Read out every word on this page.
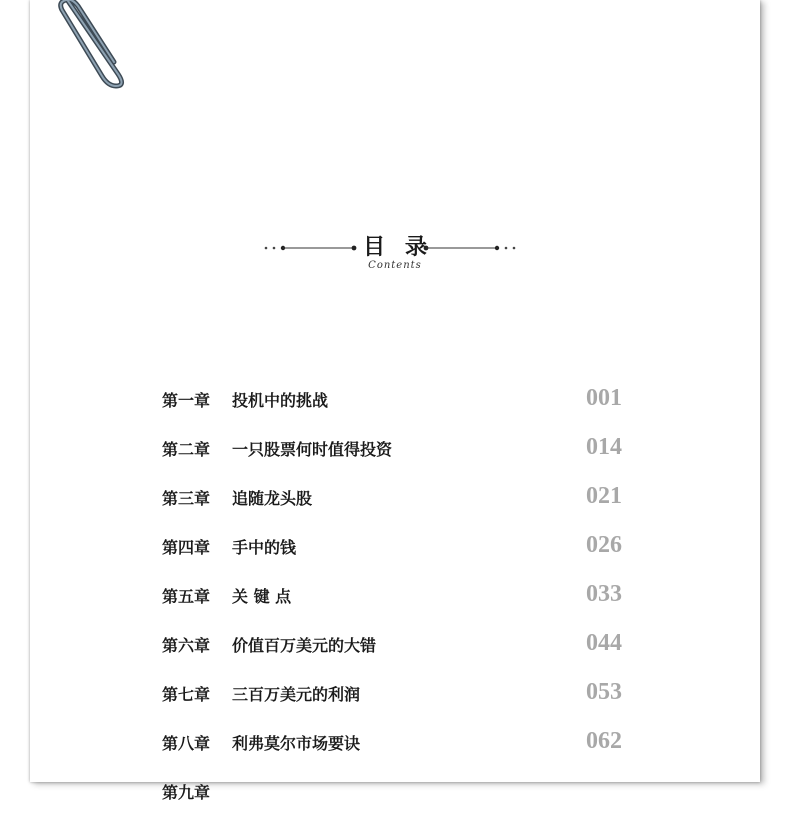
目 录
Contents
第一章 投机中的挑战	001
第二章 一只股票何时值得投资	014
第三章 追随龙头股	021
第四章 手中的钱	026
第五章 关 键 点	033
第六章 价值百万美元的大错	044
第七章 三百万美元的利润	053
第八章 利弗莫尔市场要诀	062
第九章
